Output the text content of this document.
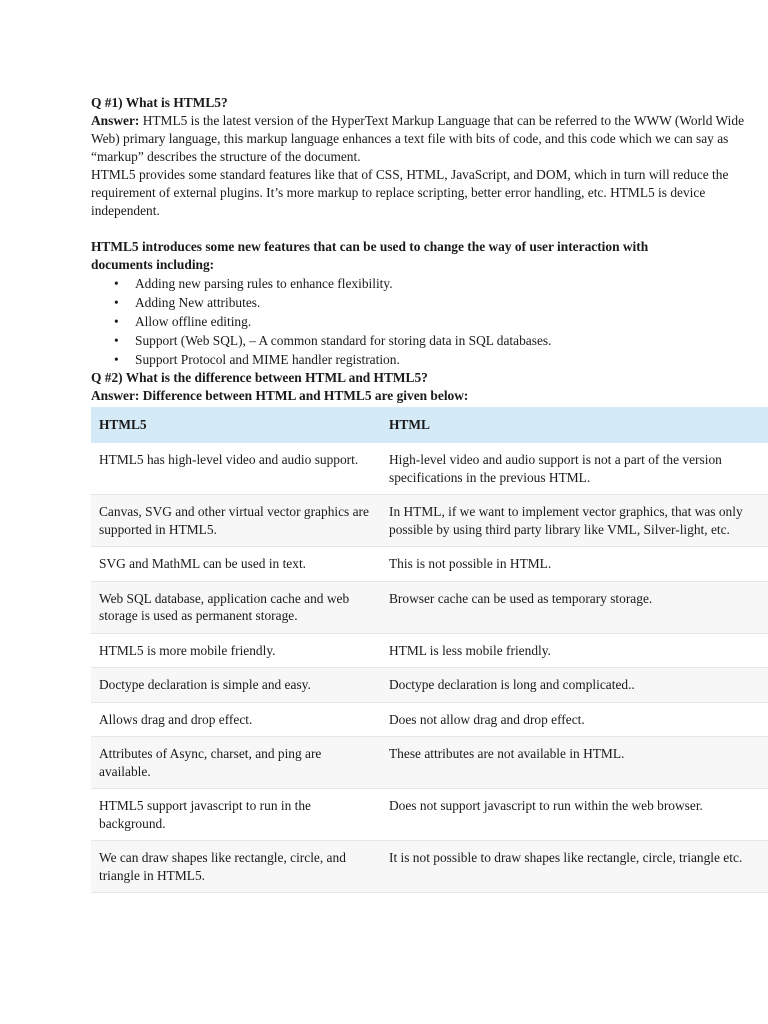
Q #1) What is HTML5?
Answer: HTML5 is the latest version of the HyperText Markup Language that can be referred to the WWW (World Wide Web) primary language, this markup language enhances a text file with bits of code, and this code which we can say as “markup” describes the structure of the document.
HTML5 provides some standard features like that of CSS, HTML, JavaScript, and DOM, which in turn will reduce the requirement of external plugins. It’s more markup to replace scripting, better error handling, etc. HTML5 is device independent.
HTML5 introduces some new features that can be used to change the way of user interaction with documents including:
• Adding new parsing rules to enhance flexibility.
• Adding New attributes.
• Allow offline editing.
• Support (Web SQL), – A common standard for storing data in SQL databases.
• Support Protocol and MIME handler registration.
Q #2) What is the difference between HTML and HTML5?
Answer: Difference between HTML and HTML5 are given below:
HTML5	HTML
HTML5 has high-level video and audio support.	High-level video and audio support is not a part of the version specifications in the previous HTML.
Canvas, SVG and other virtual vector graphics are supported in HTML5.	In HTML, if we want to implement vector graphics, that was only possible by using third party library like VML, Silver-light, etc.
SVG and MathML can be used in text.	This is not possible in HTML.
Web SQL database, application cache and web storage is used as permanent storage.	Browser cache can be used as temporary storage.
HTML5 is more mobile friendly.	HTML is less mobile friendly.
Doctype declaration is simple and easy.	Doctype declaration is long and complicated..
Allows drag and drop effect.	Does not allow drag and drop effect.
Attributes of Async, charset, and ping are available.	These attributes are not available in HTML.
HTML5 support javascript to run in the background.	Does not support javascript to run within the web browser.
We can draw shapes like rectangle, circle, and triangle in HTML5.	It is not possible to draw shapes like rectangle, circle, triangle etc.
